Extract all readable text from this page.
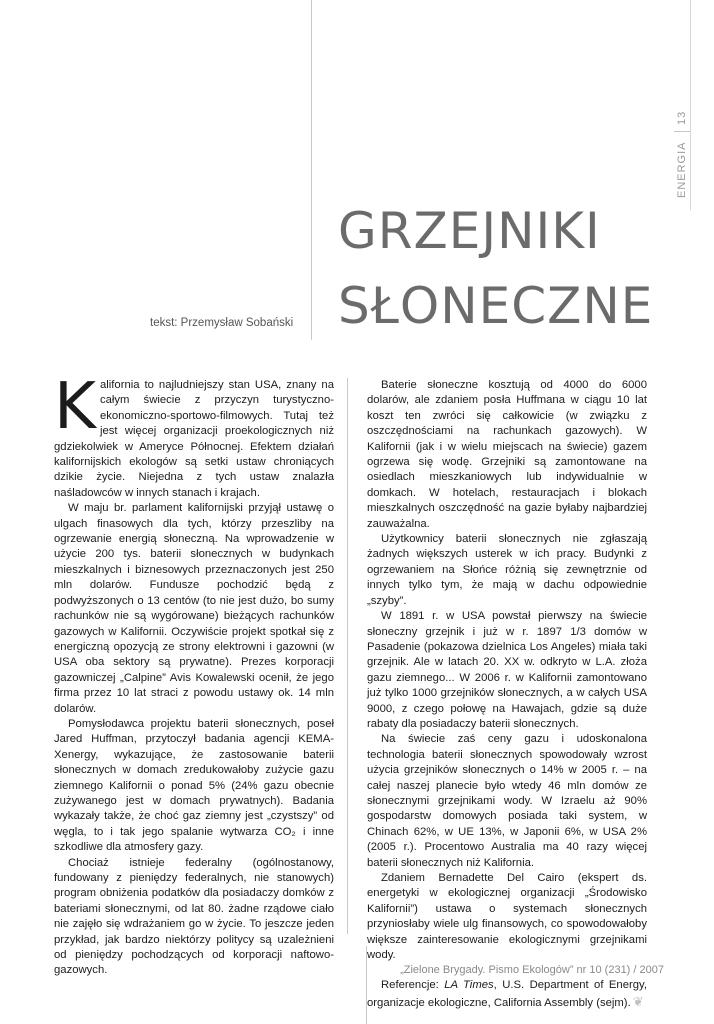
13
ENERGIA
GRZEJNIKI
SŁONECZNE
tekst: Przemysław Sobański

Kalifornia to najludniejszy stan USA, znany na całym świecie z przyczyn turystyczno-ekonomiczno-sportowo-filmowych. Tutaj też jest więcej organizacji proekologicznych niż gdziekolwiek w Ameryce Północnej. Efektem działań kalifornijskich ekologów są setki ustaw chroniących dzikie życie. Niejedna z tych ustaw znalazła naśladowców w innych stanach i krajach.

W maju br. parlament kalifornijski przyjął ustawę o ulgach finasowych dla tych, którzy przeszliby na ogrzewanie energią słoneczną. Na wprowadzenie w użycie 200 tys. baterii słonecznych w budynkach mieszkalnych i biznesowych przeznaczonych jest 250 mln dolarów. Fundusze pochodzić będą z podwyższonych o 13 centów (to nie jest dużo, bo sumy rachunków nie są wygórowane) bieżących rachunków gazowych w Kalifornii. Oczywiście projekt spotkał się z energiczną opozycją ze strony elektrowni i gazowni (w USA oba sektory są prywatne). Prezes korporacji gazowniczej „Calpine” Avis Kowalewski ocenił, że jego firma przez 10 lat straci z powodu ustawy ok. 14 mln dolarów.

Pomysłodawca projektu baterii słonecznych, poseł Jared Huffman, przytoczył badania agencji KEMA-Xenergy, wykazujące, że zastosowanie baterii słonecznych w domach zredukowałoby zużycie gazu ziemnego Kalifornii o ponad 5% (24% gazu obecnie zużywanego jest w domach prywatnych). Badania wykazały także, że choć gaz ziemny jest „czystszy” od węgla, to i tak jego spalanie wytwarza CO₂ i inne szkodliwe dla atmosfery gazy.

Chociaż istnieje federalny (ogólnostanowy, fundowany z pieniędzy federalnych, nie stanowych) program obniżenia podatków dla posiadaczy domków z bateriami słonecznymi, od lat 80. żadne rządowe ciało nie zajęło się wdrażaniem go w życie. To jeszcze jeden przykład, jak bardzo niektórzy politycy są uzależnieni od pieniędzy pochodzących od korporacji naftowo-gazowych.

Baterie słoneczne kosztują od 4000 do 6000 dolarów, ale zdaniem posła Huffmana w ciągu 10 lat koszt ten zwróci się całkowicie (w związku z oszczędnościami na rachunkach gazowych). W Kalifornii (jak i w wielu miejscach na świecie) gazem ogrzewa się wodę. Grzejniki są zamontowane na osiedlach mieszkaniowych lub indywidualnie w domkach. W hotelach, restauracjach i blokach mieszkalnych oszczędność na gazie byłaby najbardziej zauważalna.

Użytkownicy baterii słonecznych nie zgłaszają żadnych większych usterek w ich pracy. Budynki z ogrzewaniem na Słońce różnią się zewnętrznie od innych tylko tym, że mają w dachu odpowiednie „szyby”.

W 1891 r. w USA powstał pierwszy na świecie słoneczny grzejnik i już w r. 1897 1/3 domów w Pasadenie (pokazowa dzielnica Los Angeles) miała taki grzejnik. Ale w latach 20. XX w. odkryto w L.A. złoża gazu ziemnego... W 2006 r. w Kalifornii zamontowano już tylko 1000 grzejników słonecznych, a w całych USA 9000, z czego połowę na Hawajach, gdzie są duże rabaty dla posiadaczy baterii słonecznych.

Na świecie zaś ceny gazu i udoskonalona technologia baterii słonecznych spowodowały wzrost użycia grzejników słonecznych o 14% w 2005 r. – na całej naszej planecie było wtedy 46 mln domów ze słonecznymi grzejnikami wody. W Izraelu aż 90% gospodarstw domowych posiada taki system, w Chinach 62%, w UE 13%, w Japonii 6%, w USA 2% (2005 r.). Procentowo Australia ma 40 razy więcej baterii słonecznych niż Kalifornia.

Zdaniem Bernadette Del Cairo (ekspert ds. energetyki w ekologicznej organizacji „Środowisko Kalifornii”) ustawa o systemach słonecznych przyniosłaby wiele ulg finansowych, co spowodowałoby większe zainteresowanie ekologicznymi grzejnikami wody.

Referencje: LA Times, U.S. Department of Energy, organizacje ekologiczne, California Assembly (sejm). ❦

„Zielone Brygady. Pismo Ekologów” nr 10 (231) / 2007
